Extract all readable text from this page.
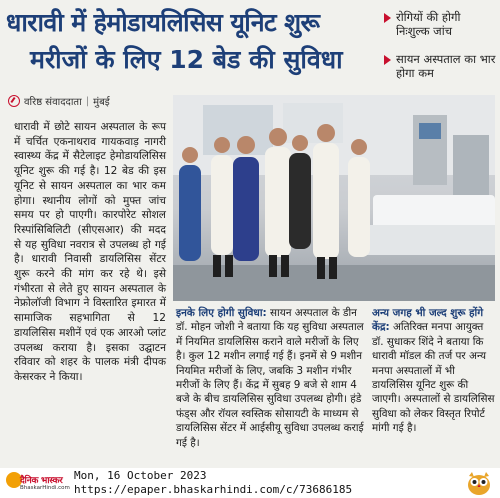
धारावी में हेमोडायलिसिस यूनिट शुरू
मरीजों के लिए 12 बेड की सुविधा
रोगियों की होगी निःशुल्क जांच
सायन अस्पताल का भार होगा कम
वरिष्ठ संवाददाता | मुंबई
धारावी में छोटे सायन अस्पताल के रूप में चर्चित एकनाथराव गायकवाड़ नागरी स्वास्थ्य केंद्र में सैटेलाइट हेमोडायलिसिस यूनिट शुरू की गई है। 12 बेड की इस यूनिट से सायन अस्पताल का भार कम होगा। स्थानीय लोगों को मुफ्त जांच समय पर हो पाएगी। कारपोरेट सोशल रिस्पांसिबिलिटी (सीएसआर) की मदद से यह सुविधा नवरात्र से उपलब्ध हो गई है। धारावी निवासी डायलिसिस सेंटर शुरू करने की मांग कर रहे थे। इसे गंभीरता से लेते हुए सायन अस्पताल के नेफ्रोलॉजी विभाग ने विस्तारित इमारत में सामाजिक सहभागिता से 12 डायलिसिस मशीनें एवं एक आरओ प्लांट उपलब्ध कराया है। इसका उद्घाटन रविवार को शहर के पालक मंत्री दीपक केसरकर ने किया।
इनके लिए होगी सुविधा: सायन अस्पताल के डीन डॉ. मोहन जोशी ने बताया कि यह सुविधा अस्पताल में नियमित डायलिसिस कराने वाले मरीजों के लिए है। कुल 12 मशीन लगाई गई हैं। इनमें से 9 मशीन नियमित मरीजों के लिए, जबकि 3 मशीन गंभीर मरीजों के लिए हैं। केंद्र में सुबह 9 बजे से शाम 4 बजे के बीच डायलिसिस सुविधा उपलब्ध होगी। हंडे फंड्स और रॉयल स्वस्तिक सोसायटी के माध्यम से डायलिसिस सेंटर में आईसीयू सुविधा उपलब्ध कराई गई है।
अन्य जगह भी जल्द शुरू होंगे केंद्र: अतिरिक्त मनपा आयुक्त डॉ. सुधाकर शिंदे ने बताया कि धारावी मॉडल की तर्ज पर अन्य मनपा अस्पतालों में भी डायलिसिस यूनिट शुरू की जाएगी। अस्पतालों से डायलिसिस सुविधा को लेकर विस्तृत रिपोर्ट मांगी गई है।
दैनिक भास्कर
BhaskarHindi.com
Mon, 16 October 2023
https://epaper.bhaskarhindi.com/c/73686185
